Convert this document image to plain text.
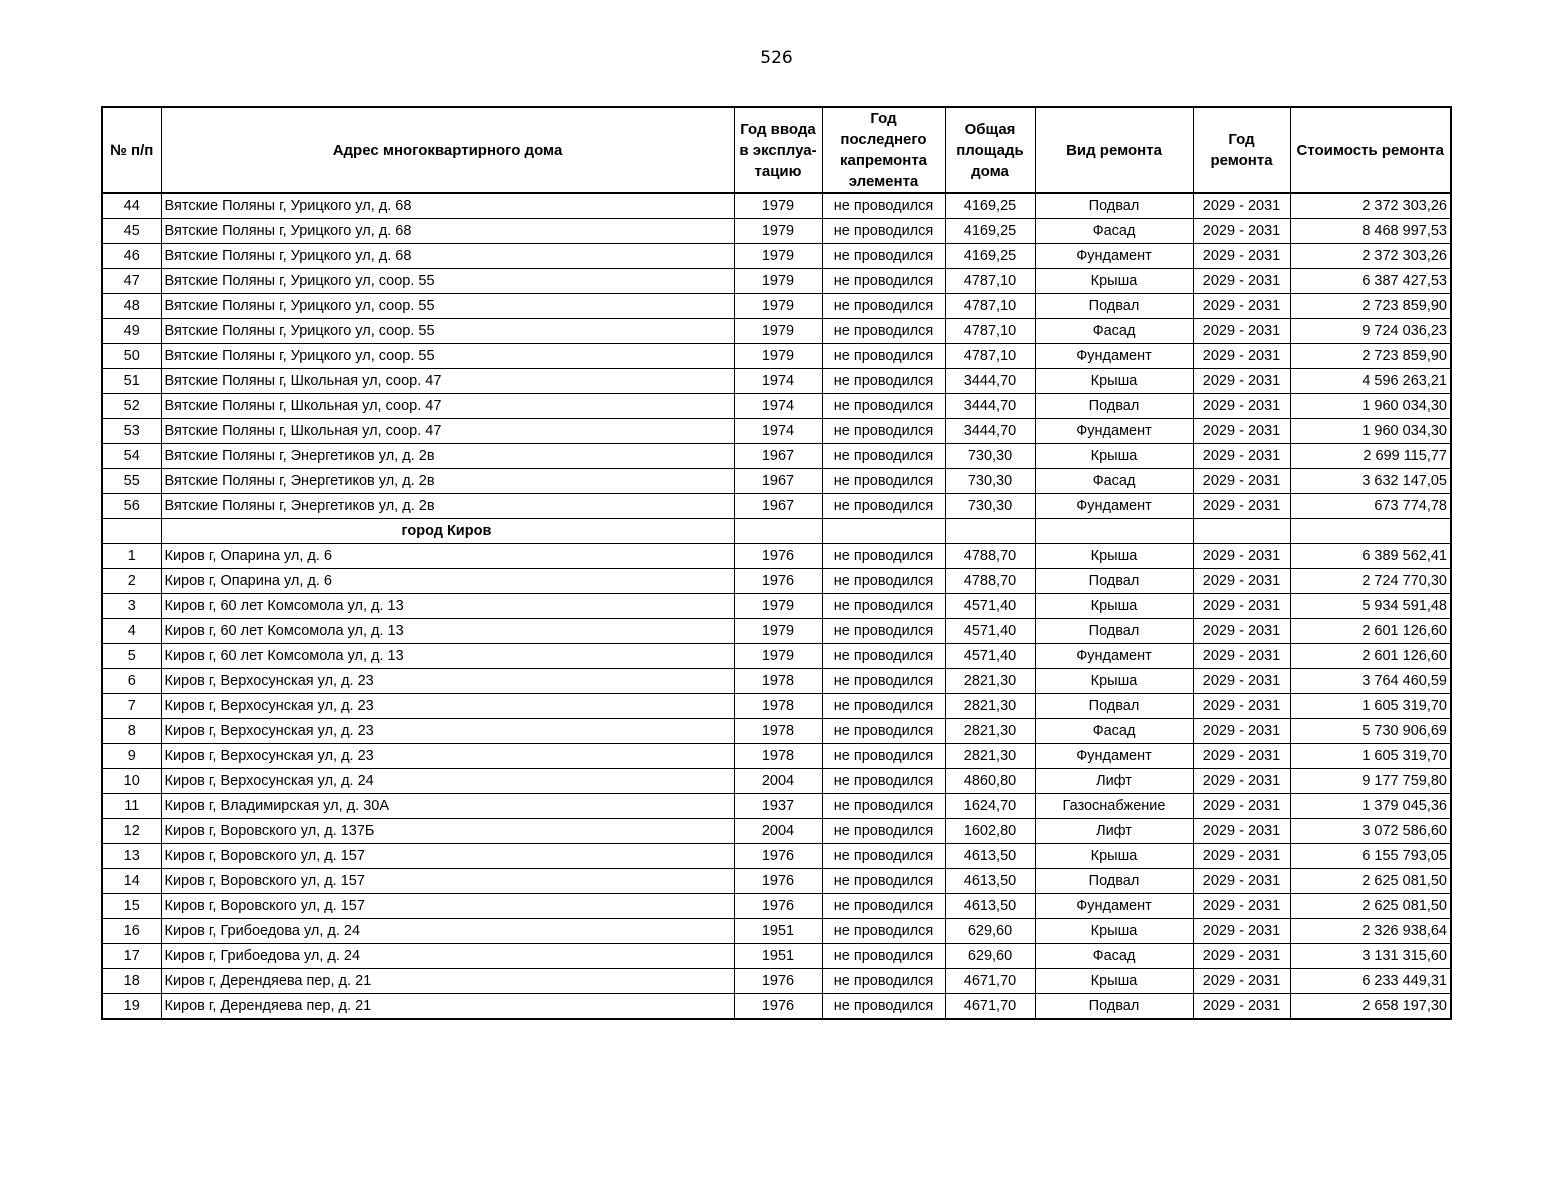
526
№ п/п	Адрес многоквартирного дома	Год ввода в эксплуа-тацию	Год последнего капремонта элемента	Общая площадь дома	Вид ремонта	Год ремонта	Стоимость ремонта
44	Вятские Поляны г, Урицкого ул, д. 68	1979	не проводился	4169,25	Подвал	2029 - 2031	2 372 303,26
45	Вятские Поляны г, Урицкого ул, д. 68	1979	не проводился	4169,25	Фасад	2029 - 2031	8 468 997,53
46	Вятские Поляны г, Урицкого ул, д. 68	1979	не проводился	4169,25	Фундамент	2029 - 2031	2 372 303,26
47	Вятские Поляны г, Урицкого ул, соор. 55	1979	не проводился	4787,10	Крыша	2029 - 2031	6 387 427,53
48	Вятские Поляны г, Урицкого ул, соор. 55	1979	не проводился	4787,10	Подвал	2029 - 2031	2 723 859,90
49	Вятские Поляны г, Урицкого ул, соор. 55	1979	не проводился	4787,10	Фасад	2029 - 2031	9 724 036,23
50	Вятские Поляны г, Урицкого ул, соор. 55	1979	не проводился	4787,10	Фундамент	2029 - 2031	2 723 859,90
51	Вятские Поляны г, Школьная ул, соор. 47	1974	не проводился	3444,70	Крыша	2029 - 2031	4 596 263,21
52	Вятские Поляны г, Школьная ул, соор. 47	1974	не проводился	3444,70	Подвал	2029 - 2031	1 960 034,30
53	Вятские Поляны г, Школьная ул, соор. 47	1974	не проводился	3444,70	Фундамент	2029 - 2031	1 960 034,30
54	Вятские Поляны г, Энергетиков ул, д. 2в	1967	не проводился	730,30	Крыша	2029 - 2031	2 699 115,77
55	Вятские Поляны г, Энергетиков ул, д. 2в	1967	не проводился	730,30	Фасад	2029 - 2031	3 632 147,05
56	Вятские Поляны г, Энергетиков ул, д. 2в	1967	не проводился	730,30	Фундамент	2029 - 2031	673 774,78
	город Киров						
1	Киров г, Опарина ул, д. 6	1976	не проводился	4788,70	Крыша	2029 - 2031	6 389 562,41
2	Киров г, Опарина ул, д. 6	1976	не проводился	4788,70	Подвал	2029 - 2031	2 724 770,30
3	Киров г, 60 лет Комсомола ул, д. 13	1979	не проводился	4571,40	Крыша	2029 - 2031	5 934 591,48
4	Киров г, 60 лет Комсомола ул, д. 13	1979	не проводился	4571,40	Подвал	2029 - 2031	2 601 126,60
5	Киров г, 60 лет Комсомола ул, д. 13	1979	не проводился	4571,40	Фундамент	2029 - 2031	2 601 126,60
6	Киров г, Верхосунская ул, д. 23	1978	не проводился	2821,30	Крыша	2029 - 2031	3 764 460,59
7	Киров г, Верхосунская ул, д. 23	1978	не проводился	2821,30	Подвал	2029 - 2031	1 605 319,70
8	Киров г, Верхосунская ул, д. 23	1978	не проводился	2821,30	Фасад	2029 - 2031	5 730 906,69
9	Киров г, Верхосунская ул, д. 23	1978	не проводился	2821,30	Фундамент	2029 - 2031	1 605 319,70
10	Киров г, Верхосунская ул, д. 24	2004	не проводился	4860,80	Лифт	2029 - 2031	9 177 759,80
11	Киров г, Владимирская ул, д. 30А	1937	не проводился	1624,70	Газоснабжение	2029 - 2031	1 379 045,36
12	Киров г, Воровского ул, д. 137Б	2004	не проводился	1602,80	Лифт	2029 - 2031	3 072 586,60
13	Киров г, Воровского ул, д. 157	1976	не проводился	4613,50	Крыша	2029 - 2031	6 155 793,05
14	Киров г, Воровского ул, д. 157	1976	не проводился	4613,50	Подвал	2029 - 2031	2 625 081,50
15	Киров г, Воровского ул, д. 157	1976	не проводился	4613,50	Фундамент	2029 - 2031	2 625 081,50
16	Киров г, Грибоедова ул, д. 24	1951	не проводился	629,60	Крыша	2029 - 2031	2 326 938,64
17	Киров г, Грибоедова ул, д. 24	1951	не проводился	629,60	Фасад	2029 - 2031	3 131 315,60
18	Киров г, Дерендяева пер, д. 21	1976	не проводился	4671,70	Крыша	2029 - 2031	6 233 449,31
19	Киров г, Дерендяева пер, д. 21	1976	не проводился	4671,70	Подвал	2029 - 2031	2 658 197,30
